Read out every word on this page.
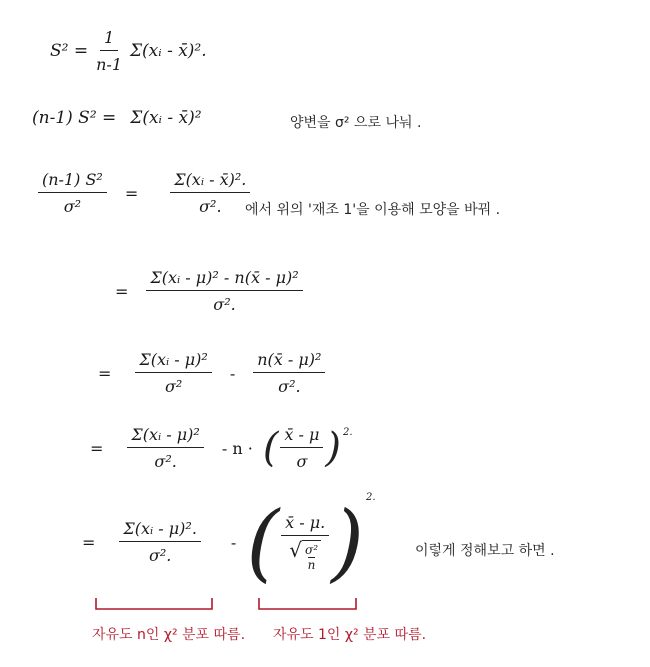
$S^2 = \frac{1}{n-1}$ Σ(xᵢ - x̄)².
(n-1) S² = Σ(xᵢ - x̄)²	양변을 σ² 으로 나눠 .
$\frac{\text{(n-1) S²}}{\text{σ²}} = \frac{\text{Σ(xᵢ - x̄)².}}{\text{σ².}}$
에서 위의 '재조 1'을 이용해 모양을 바꿔 .
= $\frac{\text{Σ(xᵢ - μ)² - n(x̄ - μ)²}}{\text{σ².}}$
= $\frac{\text{Σ(xᵢ - μ)²}}{\text{σ²}} - \frac{\text{n(x̄ - μ)²}}{\text{σ².}}$
= $\frac{\text{Σ(xᵢ - μ)²}}{\text{σ².}}$ - n · ( $\frac{x̄ - \mu}{\sigma}$ ) 2.
= $\frac{\text{Σ(xᵢ - μ)².}}{\text{σ².}}$ - ( x̄ - μ.
√ σ²
n ) 2.
이렇게 정해보고 하면 .
자유도 n인 χ² 분포 따름. 자유도 1인 χ² 분포 따름.
